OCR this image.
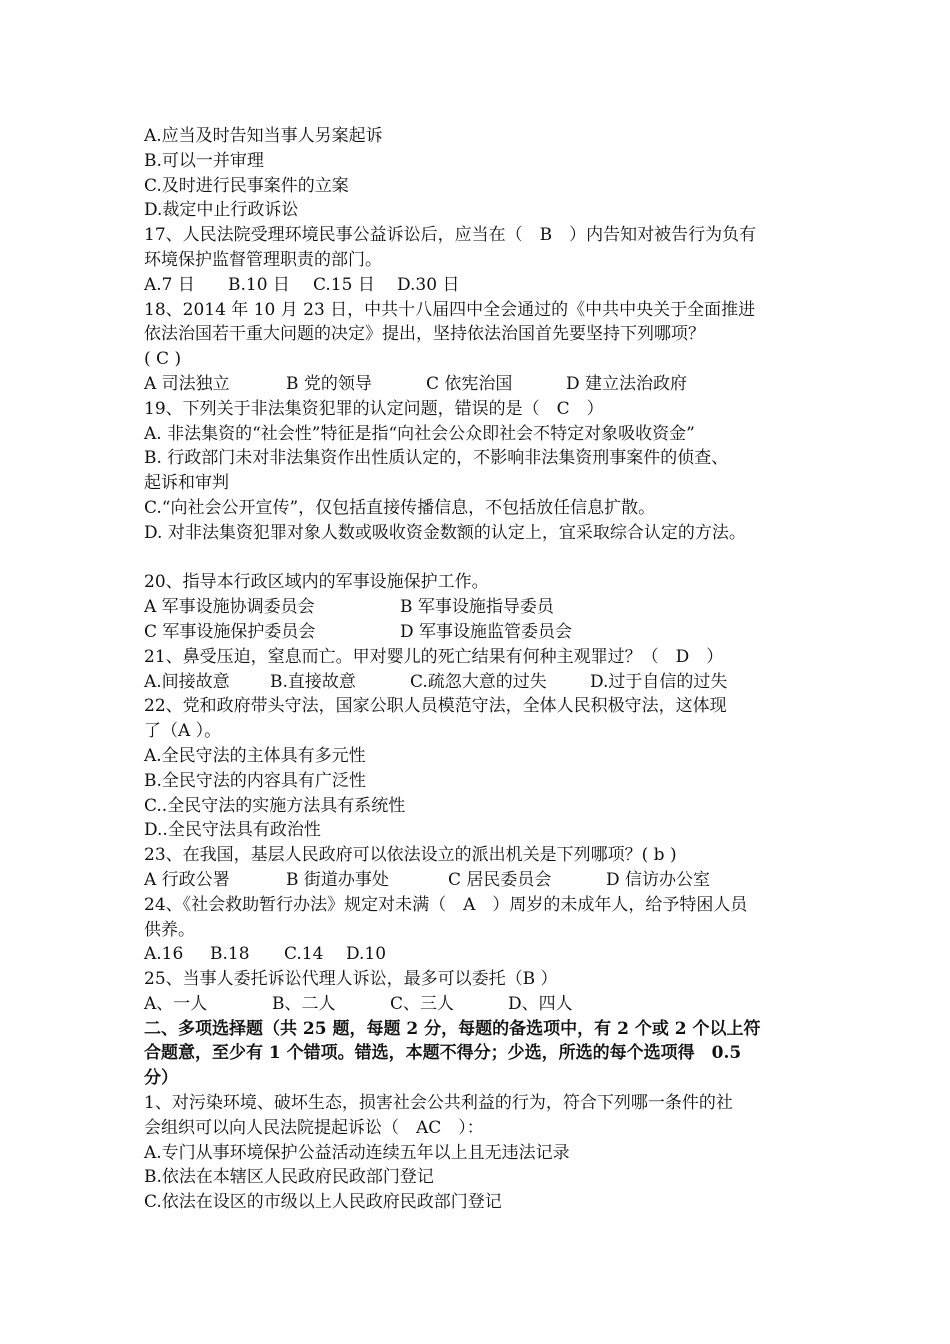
A.应当及时告知当事人另案起诉
B.可以一并审理
C.及时进行民事案件的立案
D.裁定中止行政诉讼
17、人民法院受理环境民事公益诉讼后，应当在（　B　）内告知对被告行为负有
环境保护监督管理职责的部门。
A.7 日 B.10 日 C.15 日 D.30 日
18、2014 年 10 月 23 日，中共十八届四中全会通过的《中共中央关于全面推进
依法治国若干重大问题的决定》提出，坚持依法治国首先要坚持下列哪项？
( C )
A 司法独立	B 党的领导	C 依宪治国	D 建立法治政府
19、下列关于非法集资犯罪的认定问题，错误的是（　C　）
A. 非法集资的“社会性”特征是指“向社会公众即社会不特定对象吸收资金”
B. 行政部门未对非法集资作出性质认定的，不影响非法集资刑事案件的侦查、
起诉和审判
C.“向社会公开宣传”，仅包括直接传播信息，不包括放任信息扩散。
D. 对非法集资犯罪对象人数或吸收资金数额的认定上，宜采取综合认定的方法。
20、指导本行政区域内的军事设施保护工作。
A 军事设施协调委员会	B 军事设施指导委员
C 军事设施保护委员会	D 军事设施监管委员会
21、鼻受压迫，窒息而亡。甲对婴儿的死亡结果有何种主观罪过？（　D　）
A.间接故意 B.直接故意	C.疏忽大意的过失	D.过于自信的过失
22、党和政府带头守法，国家公职人员模范守法，全体人民积极守法，这体现
了（A ）。
A.全民守法的主体具有多元性
B.全民守法的内容具有广泛性
C..全民守法的实施方法具有系统性
D..全民守法具有政治性
23、在我国，基层人民政府可以依法设立的派出机关是下列哪项？( b )
A 行政公署	B 街道办事处	C 居民委员会	D 信访办公室
24、《社会救助暂行办法》规定对未满（　A　）周岁的未成年人，给予特困人员
供养。
A.16 B.18 C.14 D.10
25、当事人委托诉讼代理人诉讼，最多可以委托（B ）
A、一人	B、二人	C、三人	D、四人
二、多项选择题（共 25 题，每题 2 分，每题的备选项中，有 2 个或 2 个以上符
合题意，至少有 1 个错项。错选，本题不得分；少选，所选的每个选项得　0.5
分）
1、对污染环境、破坏生态，损害社会公共利益的行为，符合下列哪一条件的社
会组织可以向人民法院提起诉讼（　AC　）：
A.专门从事环境保护公益活动连续五年以上且无违法记录
B.依法在本辖区人民政府民政部门登记
C.依法在设区的市级以上人民政府民政部门登记
